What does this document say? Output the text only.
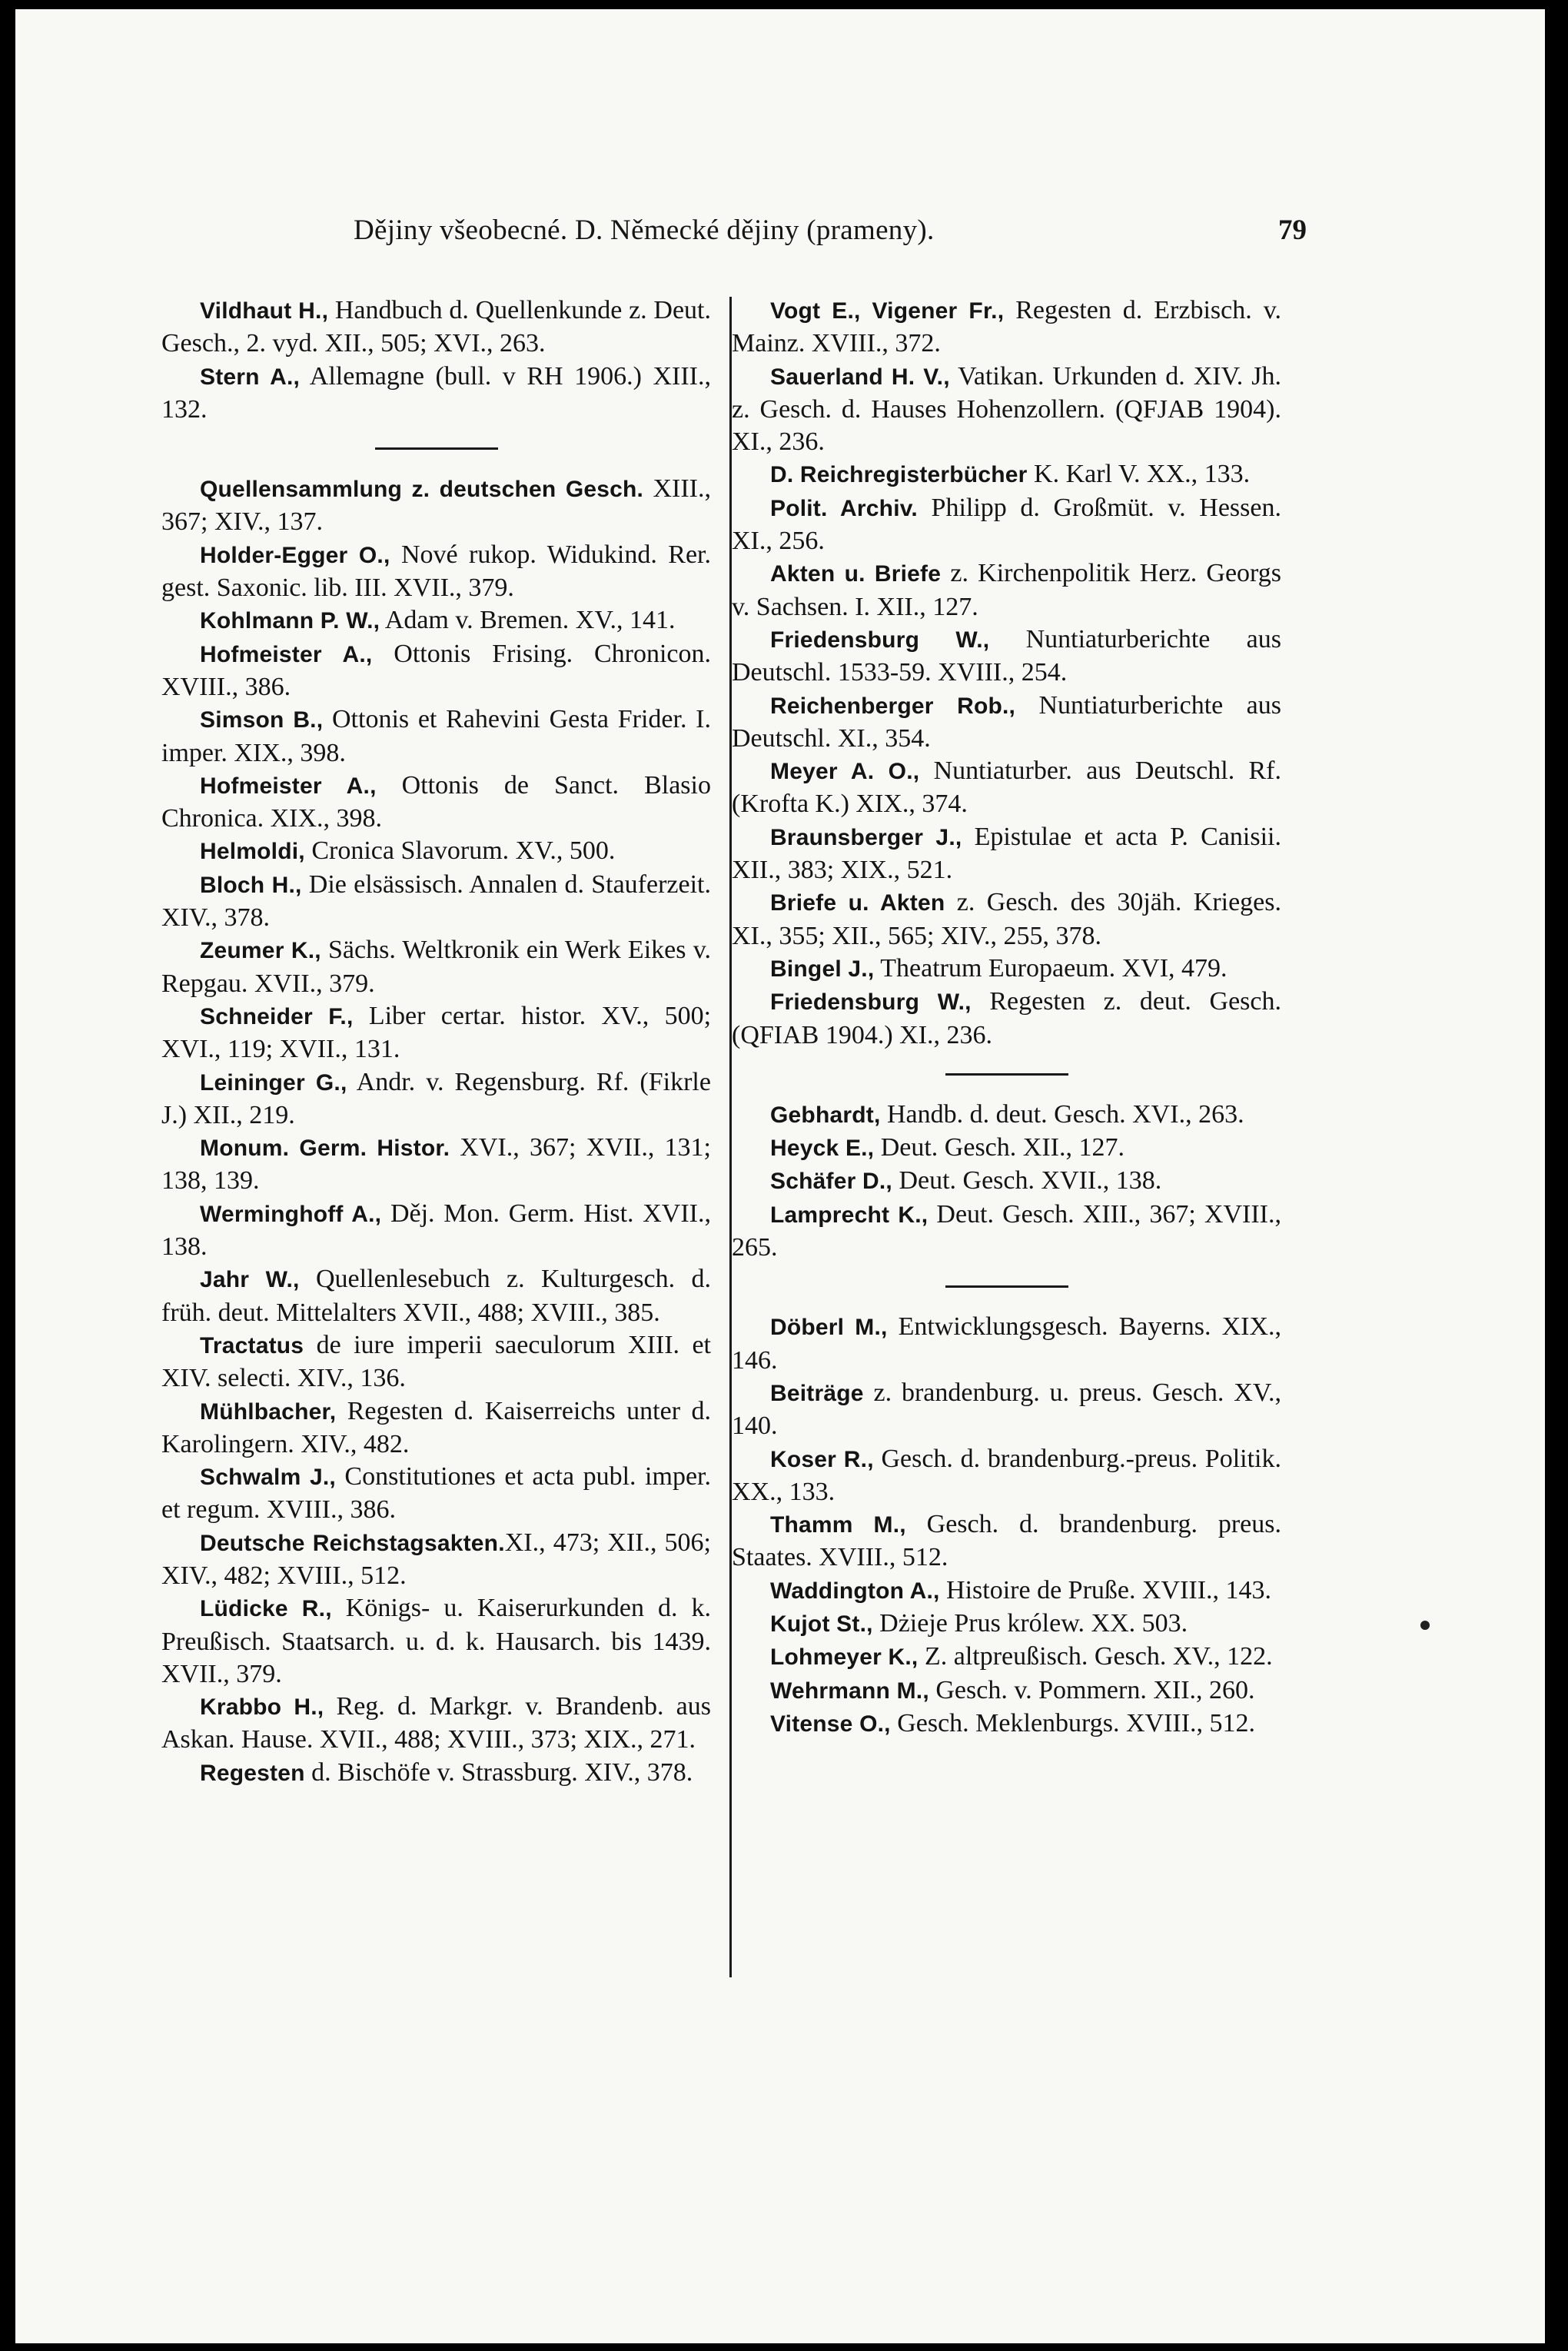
Dějiny všeobecné. D. Německé dějiny (prameny).	79

Vildhaut H., Handbuch d. Quellenkunde z. Deut. Gesch., 2. vyd. XII., 505; XVI., 263.

Stern A., Allemagne (bull. v RH 1906.) XIII., 132.

Quellensammlung z. deutschen Gesch. XIII., 367; XIV., 137.

Holder-Egger O., Nové rukop. Widukind. Rer. gest. Saxonic. lib. III. XVII., 379.

Kohlmann P. W., Adam v. Bremen. XV., 141.

Hofmeister A., Ottonis Frising. Chronicon. XVIII., 386.

Simson B., Ottonis et Rahevini Gesta Frider. I. imper. XIX., 398.

Hofmeister A., Ottonis de Sanct. Blasio Chronica. XIX., 398.

Helmoldi, Cronica Slavorum. XV., 500.

Bloch H., Die elsässisch. Annalen d. Stauferzeit. XIV., 378.

Zeumer K., Sächs. Weltkronik ein Werk Eikes v. Repgau. XVII., 379.

Schneider F., Liber certar. histor. XV., 500; XVI., 119; XVII., 131.

Leininger G., Andr. v. Regensburg. Rf. (Fikrle J.) XII., 219.

Monum. Germ. Histor. XVI., 367; XVII., 131; 138, 139.

Werminghoff A., Děj. Mon. Germ. Hist. XVII., 138.

Jahr W., Quellenlesebuch z. Kulturgesch. d. früh. deut. Mittelalters XVII., 488; XVIII., 385.

Tractatus de iure imperii saeculorum XIII. et XIV. selecti. XIV., 136.

Mühlbacher, Regesten d. Kaiserreichs unter d. Karolingern. XIV., 482.

Schwalm J., Constitutiones et acta publ. imper. et regum. XVIII., 386.

Deutsche Reichstagsakten.XI., 473; XII., 506; XIV., 482; XVIII., 512.

Lüdicke R., Königs- u. Kaiserurkunden d. k. Preußisch. Staatsarch. u. d. k. Hausarch. bis 1439. XVII., 379.

Krabbo H., Reg. d. Markgr. v. Brandenb. aus Askan. Hause. XVII., 488; XVIII., 373; XIX., 271.

Regesten d. Bischöfe v. Strassburg. XIV., 378.

Vogt E., Vigener Fr., Regesten d. Erzbisch. v. Mainz. XVIII., 372.

Sauerland H. V., Vatikan. Urkunden d. XIV. Jh. z. Gesch. d. Hauses Hohenzollern. (QFJAB 1904). XI., 236.

D. Reichregisterbücher K. Karl V. XX., 133.

Polit. Archiv. Philipp d. Großmüt. v. Hessen. XI., 256.

Akten u. Briefe z. Kirchenpolitik Herz. Georgs v. Sachsen. I. XII., 127.

Friedensburg W., Nuntiaturberichte aus Deutschl. 1533-59. XVIII., 254.

Reichenberger Rob., Nuntiaturberichte aus Deutschl. XI., 354.

Meyer A. O., Nuntiaturber. aus Deutschl. Rf. (Krofta K.) XIX., 374.

Braunsberger J., Epistulae et acta P. Canisii. XII., 383; XIX., 521.

Briefe u. Akten z. Gesch. des 30jäh. Krieges. XI., 355; XII., 565; XIV., 255, 378.

Bingel J., Theatrum Europaeum. XVI, 479.

Friedensburg W., Regesten z. deut. Gesch. (QFIAB 1904.) XI., 236.

Gebhardt, Handb. d. deut. Gesch. XVI., 263.

Heyck E., Deut. Gesch. XII., 127.

Schäfer D., Deut. Gesch. XVII., 138.

Lamprecht K., Deut. Gesch. XIII., 367; XVIII., 265.

Döberl M., Entwicklungsgesch. Bayerns. XIX., 146.

Beiträge z. brandenburg. u. preus. Gesch. XV., 140.

Koser R., Gesch. d. brandenburg.-preus. Politik. XX., 133.

Thamm M., Gesch. d. brandenburg. preus. Staates. XVIII., 512.

Waddington A., Histoire de Pruße. XVIII., 143.

Kujot St., Dżieje Prus królew. XX. 503.

Lohmeyer K., Z. altpreußisch. Gesch. XV., 122.

Wehrmann M., Gesch. v. Pommern. XII., 260.

Vitense O., Gesch. Meklenburgs. XVIII., 512.
